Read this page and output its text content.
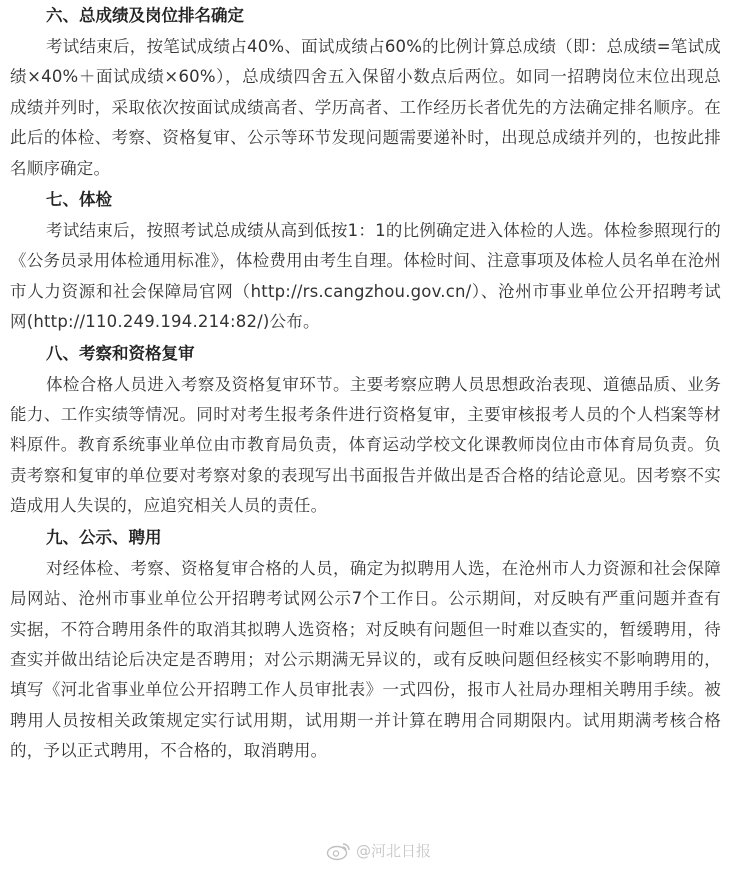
六、总成绩及岗位排名确定

考试结束后，按笔试成绩占40%、面试成绩占60%的比例计算总成绩（即：总成绩=笔试成绩×40%＋面试成绩×60%），总成绩四舍五入保留小数点后两位。如同一招聘岗位末位出现总成绩并列时，采取依次按面试成绩高者、学历高者、工作经历长者优先的方法确定排名顺序。在此后的体检、考察、资格复审、公示等环节发现问题需要递补时，出现总成绩并列的，也按此排名顺序确定。

七、体检

考试结束后，按照考试总成绩从高到低按1：1的比例确定进入体检的人选。体检参照现行的《公务员录用体检通用标准》，体检费用由考生自理。体检时间、注意事项及体检人员名单在沧州市人力资源和社会保障局官网（http://rs.cangzhou.gov.cn/）、沧州市事业单位公开招聘考试网(http://110.249.194.214:82/)公布。

八、考察和资格复审

体检合格人员进入考察及资格复审环节。主要考察应聘人员思想政治表现、道德品质、业务能力、工作实绩等情况。同时对考生报考条件进行资格复审，主要审核报考人员的个人档案等材料原件。教育系统事业单位由市教育局负责，体育运动学校文化课教师岗位由市体育局负责。负责考察和复审的单位要对考察对象的表现写出书面报告并做出是否合格的结论意见。因考察不实造成用人失误的，应追究相关人员的责任。

九、公示、聘用

对经体检、考察、资格复审合格的人员，确定为拟聘用人选，在沧州市人力资源和社会保障局网站、沧州市事业单位公开招聘考试网公示7个工作日。公示期间，对反映有严重问题并查有实据，不符合聘用条件的取消其拟聘人选资格；对反映有问题但一时难以查实的，暂缓聘用，待查实并做出结论后决定是否聘用；对公示期满无异议的，或有反映问题但经核实不影响聘用的，填写《河北省事业单位公开招聘工作人员审批表》一式四份，报市人社局办理相关聘用手续。被聘用人员按相关政策规定实行试用期，试用期一并计算在聘用合同期限内。试用期满考核合格的，予以正式聘用，不合格的，取消聘用。

@河北日报
